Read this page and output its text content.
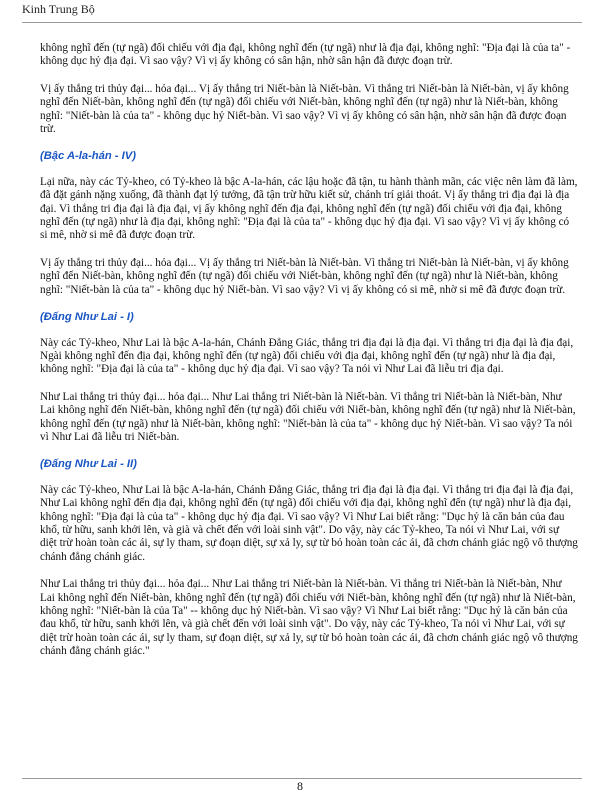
Kinh Trung Bộ

không nghĩ đến (tự ngã) đối chiếu với địa đại, không nghĩ đến (tự ngã) như là địa đại, không nghĩ: "Địa đại là của ta" - không dục hỷ địa đại. Vì sao vậy? Vì vị ấy không có sân hận, nhờ sân hận đã được đoạn trừ.

Vị ấy thắng tri thủy đại... hỏa đại... Vị ấy thắng tri Niết-bàn là Niết-bàn. Vì thắng tri Niết-bàn là Niết-bàn, vị ấy không nghĩ đến Niết-bàn, không nghĩ đến (tự ngã) đối chiếu với Niết-bàn, không nghĩ đến (tự ngã) như là Niết-bàn, không nghĩ: "Niết-bàn là của ta" - không dục hỷ Niết-bàn. Vì sao vậy? Vì vị ấy không có sân hận, nhờ sân hận đã được đoạn trừ.

(Bậc A-la-hán - IV)

Lại nữa, này các Tỷ-kheo, có Tỷ-kheo là bậc A-la-hán, các lậu hoặc đã tận, tu hành thành mãn, các việc nên làm đã làm, đã đặt gánh nặng xuống, đã thành đạt lý tưởng, đã tận trừ hữu kiết sử, chánh trí giải thoát. Vị ấy thắng tri địa đại là địa đại. Vì thắng tri địa đại là địa đại, vị ấy không nghĩ đến địa đại, không nghĩ đến (tự ngã) đối chiếu với địa đại, không nghĩ đến (tự ngã) như là địa đại, không nghĩ: "Địa đại là của ta" - không dục hỷ địa đại. Vì sao vậy? Vì vị ấy không có si mê, nhờ si mê đã được đoạn trừ.

Vị ấy thắng tri thủy đại... hỏa đại... Vị ấy thắng tri Niết-bàn là Niết-bàn. Vì thắng tri Niết-bàn là Niết-bàn, vị ấy không nghĩ đến Niết-bàn, không nghĩ đến (tự ngã) đối chiếu với Niết-bàn, không nghĩ đến (tự ngã) như là Niết-bàn, không nghĩ: "Niết-bàn là của ta" - không dục hỷ Niết-bàn. Vì sao vậy? Vì vị ấy không có si mê, nhờ si mê đã được đoạn trừ.

(Đấng Như Lai - I)

Này các Tỷ-kheo, Như Lai là bậc A-la-hán, Chánh Đẳng Giác, thắng tri địa đại là địa đại. Vì thắng tri địa đại là địa đại, Ngài không nghĩ đến địa đại, không nghĩ đến (tự ngã) đối chiếu với địa đại, không nghĩ đến (tự ngã) như là địa đại, không nghĩ: "Địa đại là của ta" - không dục hỷ địa đại. Vì sao vậy? Ta nói vì Như Lai đã liễu tri địa đại.

Như Lai thắng tri thủy đại... hỏa đại... Như Lai thắng tri Niết-bàn là Niết-bàn. Vì thắng tri Niết-bàn là Niết-bàn, Như Lai không nghĩ đến Niết-bàn, không nghĩ đến (tự ngã) đối chiếu với Niết-bàn, không nghĩ đến (tự ngã) như là Niết-bàn, không nghĩ đến (tự ngã) như là Niết-bàn, không nghĩ: "Niết-bàn là của ta" - không dục hỷ Niết-bàn. Vì sao vậy? Ta nói vì Như Lai đã liễu tri Niết-bàn.

(Đấng Như Lai - II)

Này các Tỷ-kheo, Như Lai là bậc A-la-hán, Chánh Đẳng Giác, thắng tri địa đại là địa đại. Vì thắng tri địa đại là địa đại, Như Lai không nghĩ đến địa đại, không nghĩ đến (tự ngã) đối chiếu với địa đại, không nghĩ đến (tự ngã) như là địa đại, không nghĩ: "Địa đại là của ta" - không dục hỷ địa đại. Vì sao vậy? Vì Như Lai biết rằng: "Dục hỷ là căn bản của đau khổ, từ hữu, sanh khởi lên, và già và chết đến với loài sinh vật". Do vậy, này các Tỷ-kheo, Ta nói vì Như Lai, với sự diệt trừ hoàn toàn các ái, sự ly tham, sự đoạn diệt, sự xả ly, sự từ bỏ hoàn toàn các ái, đã chơn chánh giác ngộ vô thượng chánh đẳng chánh giác.

Như Lai thắng tri thủy đại... hỏa đại... Như Lai thắng tri Niết-bàn là Niết-bàn. Vì thắng tri Niết-bàn là Niết-bàn, Như Lai không nghĩ đến Niết-bàn, không nghĩ đến (tự ngã) đối chiếu với Niết-bàn, không nghĩ đến (tự ngã) như là Niết-bàn, không nghĩ: "Niết-bàn là của Ta" -- không dục hỷ Niết-bàn. Vì sao vậy? Vì Như Lai biết rằng: "Dục hỷ là căn bản của đau khổ, từ hữu, sanh khởi lên, và già chết đến với loài sinh vật". Do vậy, này các Tỷ-kheo, Ta nói vì Như Lai, với sự diệt trừ hoàn toàn các ái, sự ly tham, sự đoạn diệt, sự xả ly, sự từ bỏ hoàn toàn các ái, đã chơn chánh giác ngộ vô thượng chánh đẳng chánh giác."

8
